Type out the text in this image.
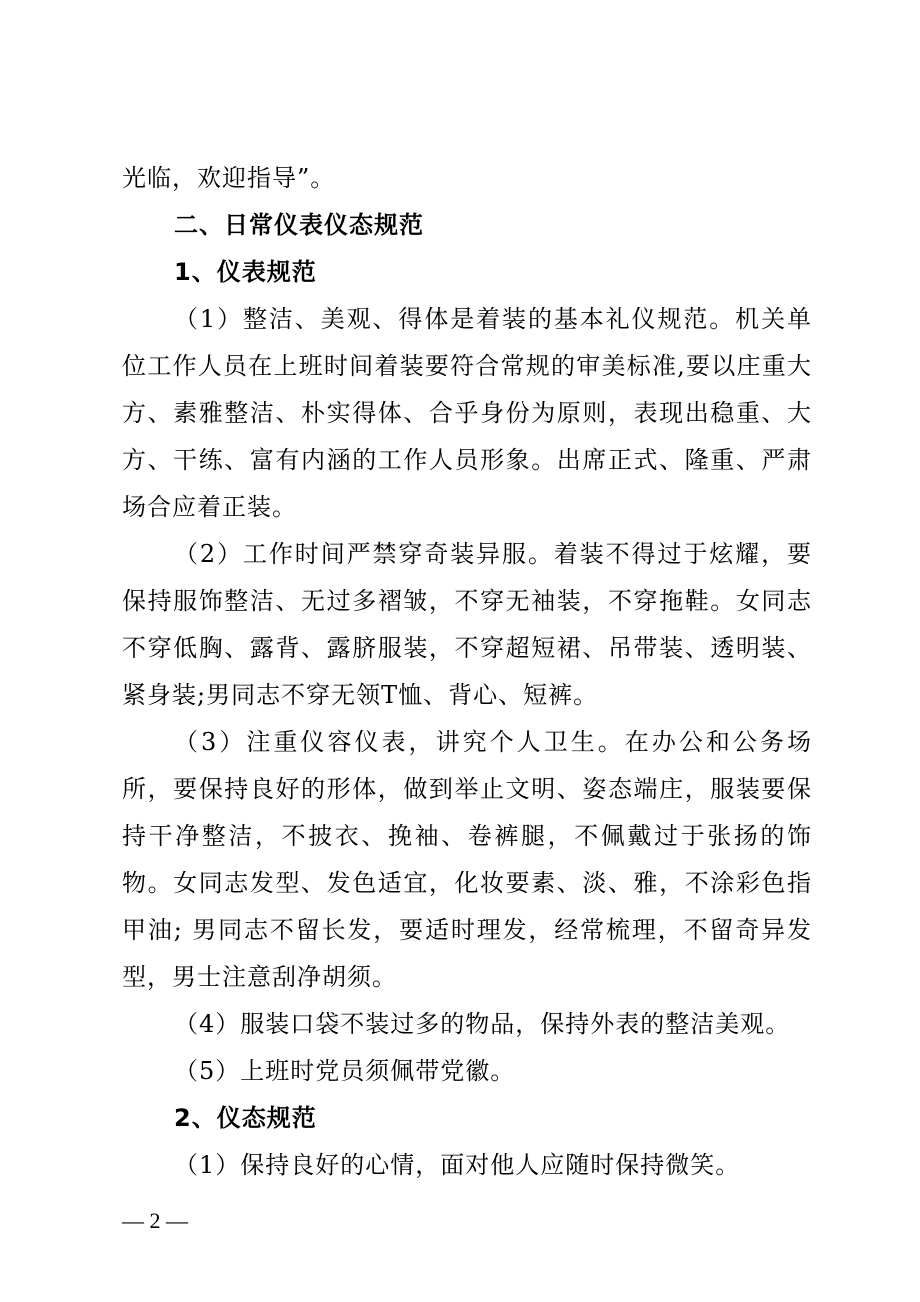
光临，欢迎指导”。

二、日常仪表仪态规范

1、仪表规范

（1）整洁、美观、得体是着装的基本礼仪规范。机关单位工作人员在上班时间着装要符合常规的审美标准,要以庄重大方、素雅整洁、朴实得体、合乎身份为原则，表现出稳重、大方、干练、富有内涵的工作人员形象。出席正式、隆重、严肃场合应着正装。

（2）工作时间严禁穿奇装异服。着装不得过于炫耀，要保持服饰整洁、无过多褶皱，不穿无袖装，不穿拖鞋。女同志不穿低胸、露背、露脐服装，不穿超短裙、吊带装、透明装、紧身装;男同志不穿无领T恤、背心、短裤。

（3）注重仪容仪表，讲究个人卫生。在办公和公务场所，要保持良好的形体，做到举止文明、姿态端庄，服装要保持干净整洁，不披衣、挽袖、卷裤腿，不佩戴过于张扬的饰物。女同志发型、发色适宜，化妆要素、淡、雅，不涂彩色指甲油; 男同志不留长发，要适时理发，经常梳理，不留奇异发型，男士注意刮净胡须。

（4）服装口袋不装过多的物品，保持外表的整洁美观。

（5）上班时党员须佩带党徽。

2、仪态规范

（1）保持良好的心情，面对他人应随时保持微笑。

— 2 —
